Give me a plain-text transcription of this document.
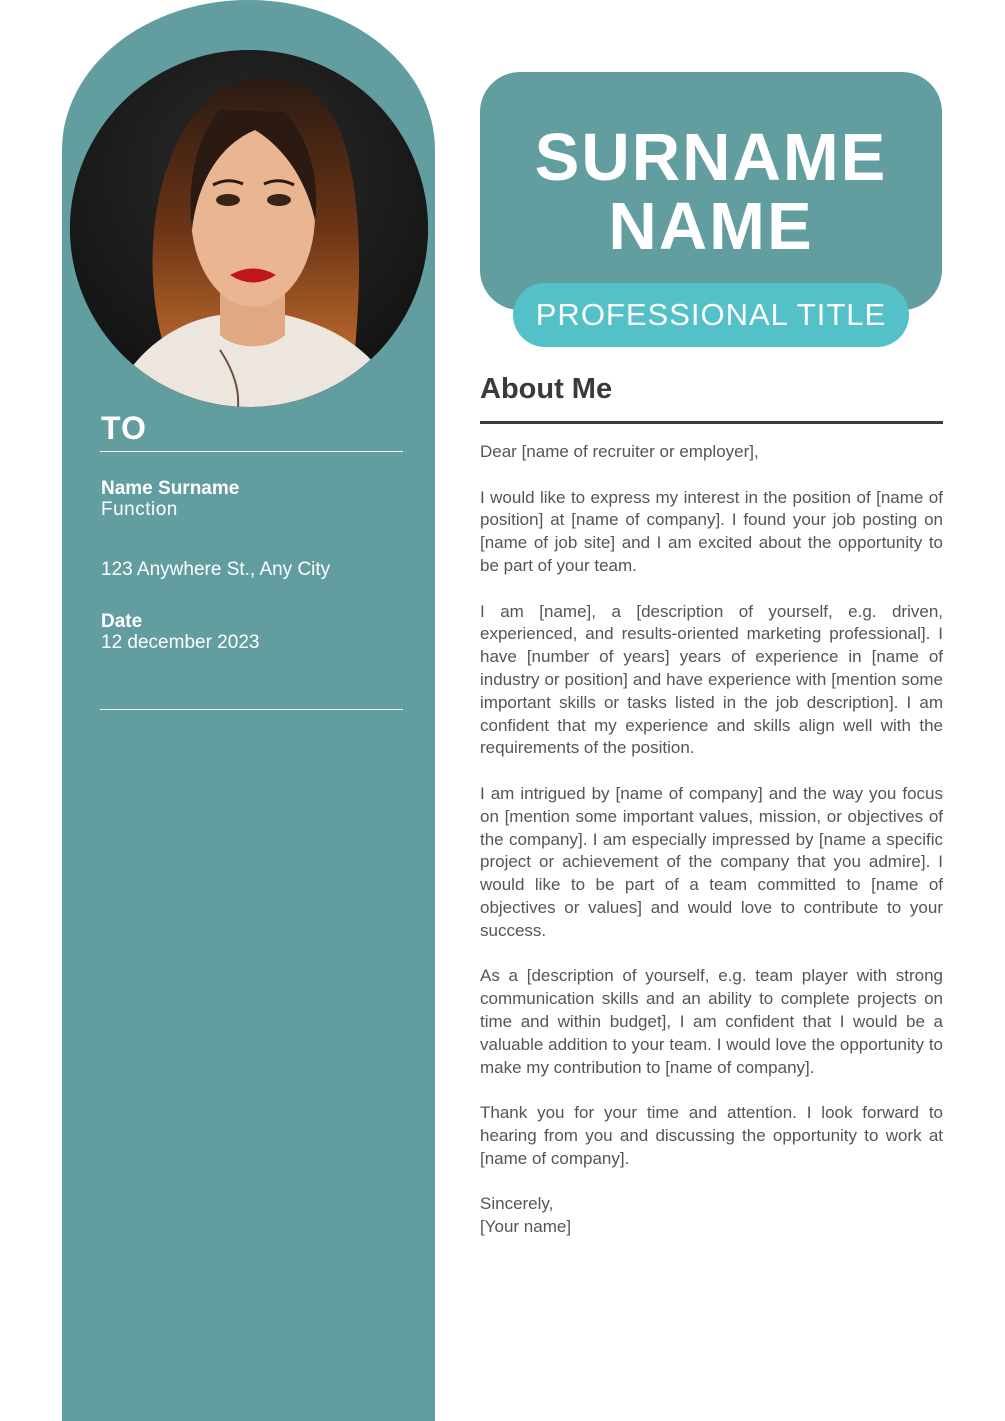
TO

Name Surname

Function

123 Anywhere St., Any City

Date

12 december 2023

SURNAME

NAME

PROFESSIONAL TITLE

About Me

Dear [name of recruiter or employer],

I would like to express my interest in the position of [name of position] at [name of company]. I found your job posting on [name of job site] and I am excited about the opportunity to be part of your team.

I am [name], a [description of yourself, e.g. driven, experienced, and results-oriented marketing professional]. I have [number of years] years of experience in [name of industry or position] and have experience with [mention some important skills or tasks listed in the job description]. I am confident that my experience and skills align well with the requirements of the position.

I am intrigued by [name of company] and the way you focus on [mention some important values, mission, or objectives of the company]. I am especially impressed by [name a specific project or achievement of the company that you admire]. I would like to be part of a team committed to [name of objectives or values] and would love to contribute to your success.

As a [description of yourself, e.g. team player with strong communication skills and an ability to complete projects on time and within budget], I am confident that I would be a valuable addition to your team. I would love the opportunity to make my contribution to [name of company].

Thank you for your time and attention. I look forward to hearing from you and discussing the opportunity to work at [name of company].

Sincerely,
[Your name]
